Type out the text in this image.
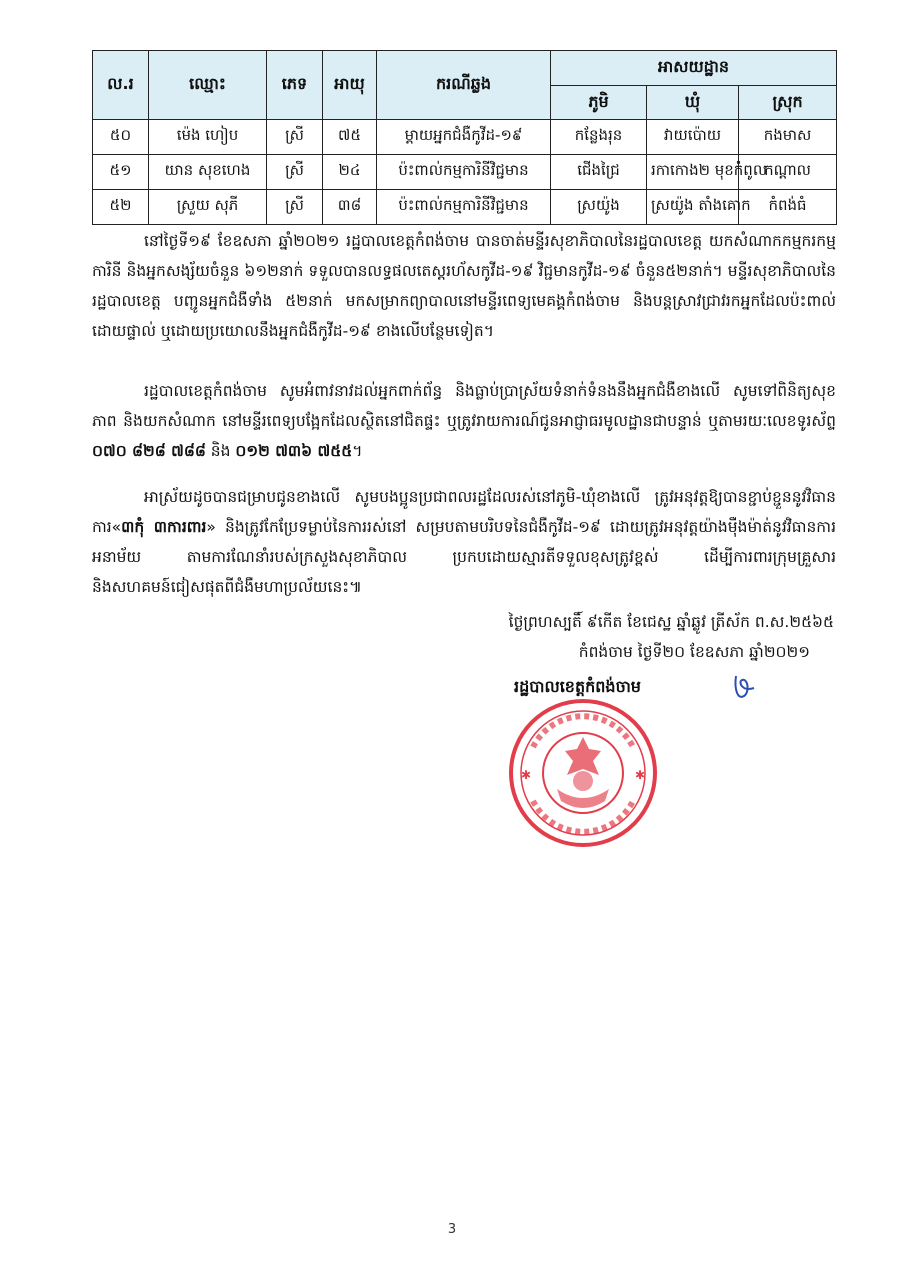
ល.រ	ឈ្មោះ	ភេទ	អាយុ	ករណីឆ្លង	អាសយដ្ឋាន		
					ភូមិ	ឃុំ	ស្រុក
៥០	ម៉េង ហៀប	ស្រី	៧៥	ម្ដាយអ្នកជំងឺកូវីដ-១៩	កន្លែងរុន	វាយប៉ោយ	កងមាស
៥១	យាន សុខហេង	ស្រី	២៤	ប៉ះពាល់កម្មការិនីវិជ្ជមាន	ជើងជ្រៃ	រកាកោង២ មុខកំពូល	កណ្ដាល
៥២	ស្រួយ សុភី	ស្រី	៣៨	ប៉ះពាល់កម្មការិនីវិជ្ជមាន	ស្រយ៉ូង	ស្រយ៉ូង តាំងគោក	កំពង់ធំ

នៅថ្ងៃទី១៩ ខែឧសភា ឆ្នាំ២០២១ រដ្ឋបាលខេត្តកំពង់ចាម បានចាត់មន្ទីរសុខាភិបាលនៃរដ្ឋបាលខេត្ត យកសំណាកកម្មករកម្មការិនី និងអ្នកសង្ស័យចំនួន ៦១២នាក់ ទទួលបានលទ្ធផលតេស្តរហ័សកូវីដ-១៩ វិជ្ជមានកូវីដ-១៩ ចំនួន៥២នាក់។ មន្ទីរសុខាភិបាលនៃរដ្ឋបាលខេត្ត បញ្ជូនអ្នកជំងឺទាំង ៥២នាក់ មកសម្រាកព្យាបាលនៅមន្ទីរពេទ្យមេគង្គកំពង់ចាម និងបន្តស្រាវជ្រាវរកអ្នកដែលប៉ះពាល់ដោយផ្ទាល់ ឬដោយប្រយោលនឹងអ្នកជំងឺកូវីដ-១៩ ខាងលើបន្ថែមទៀត។

រដ្ឋបាលខេត្តកំពង់ចាម សូមអំពាវនាវដល់អ្នកពាក់ព័ន្ធ និងធ្លាប់ប្រាស្រ័យទំនាក់ទំនងនឹងអ្នកជំងឺខាងលើ សូមទៅពិនិត្យសុខភាព និងយកសំណាក នៅមន្ទីរពេទ្យបង្អែកដែលស្ថិតនៅជិតផ្ទះ ឬត្រូវរាយការណ៍ជូនអាជ្ញាធរមូលដ្ឋានជាបន្ទាន់ ឬតាមរយៈលេខទូរស័ព្ទ ០៧០ ៨២៨ ៧៨៨ និង ០១២ ៧៣៦ ៧៥៥។

អាស្រ័យដូចបានជម្រាបជូនខាងលើ សូមបងប្អូនប្រជាពលរដ្ឋដែលរស់នៅភូមិ-ឃុំខាងលើ ត្រូវអនុវត្តឱ្យបានខ្ជាប់ខ្ជួននូវវិធានការ«៣កុំ ៣ការពារ» និងត្រូវកែប្រែទម្លាប់នៃការរស់នៅ សម្របតាមបរិបទនៃជំងឺកូវីដ-១៩ ដោយត្រូវអនុវត្តយ៉ាងម៉ឺងម៉ាត់នូវវិធានការអនាម័យ តាមការណែនាំរបស់ក្រសួងសុខាភិបាល ប្រកបដោយស្មារតីទទួលខុសត្រូវខ្ពស់ ដើម្បីការពារក្រុមគ្រួសារ និងសហគមន៍ជៀសផុតពីជំងឺមហាប្រល័យនេះ៕

ថ្ងៃព្រហស្បតិ៍ ៩កើត ខែជេស្ឋ ឆ្នាំឆ្លូវ ត្រីស័ក ព.ស.២៥៦៥
កំពង់ចាម ថ្ងៃទី២០ ខែឧសភា ឆ្នាំ២០២១
រដ្ឋបាលខេត្តកំពង់ចាម
✱	✱
3
